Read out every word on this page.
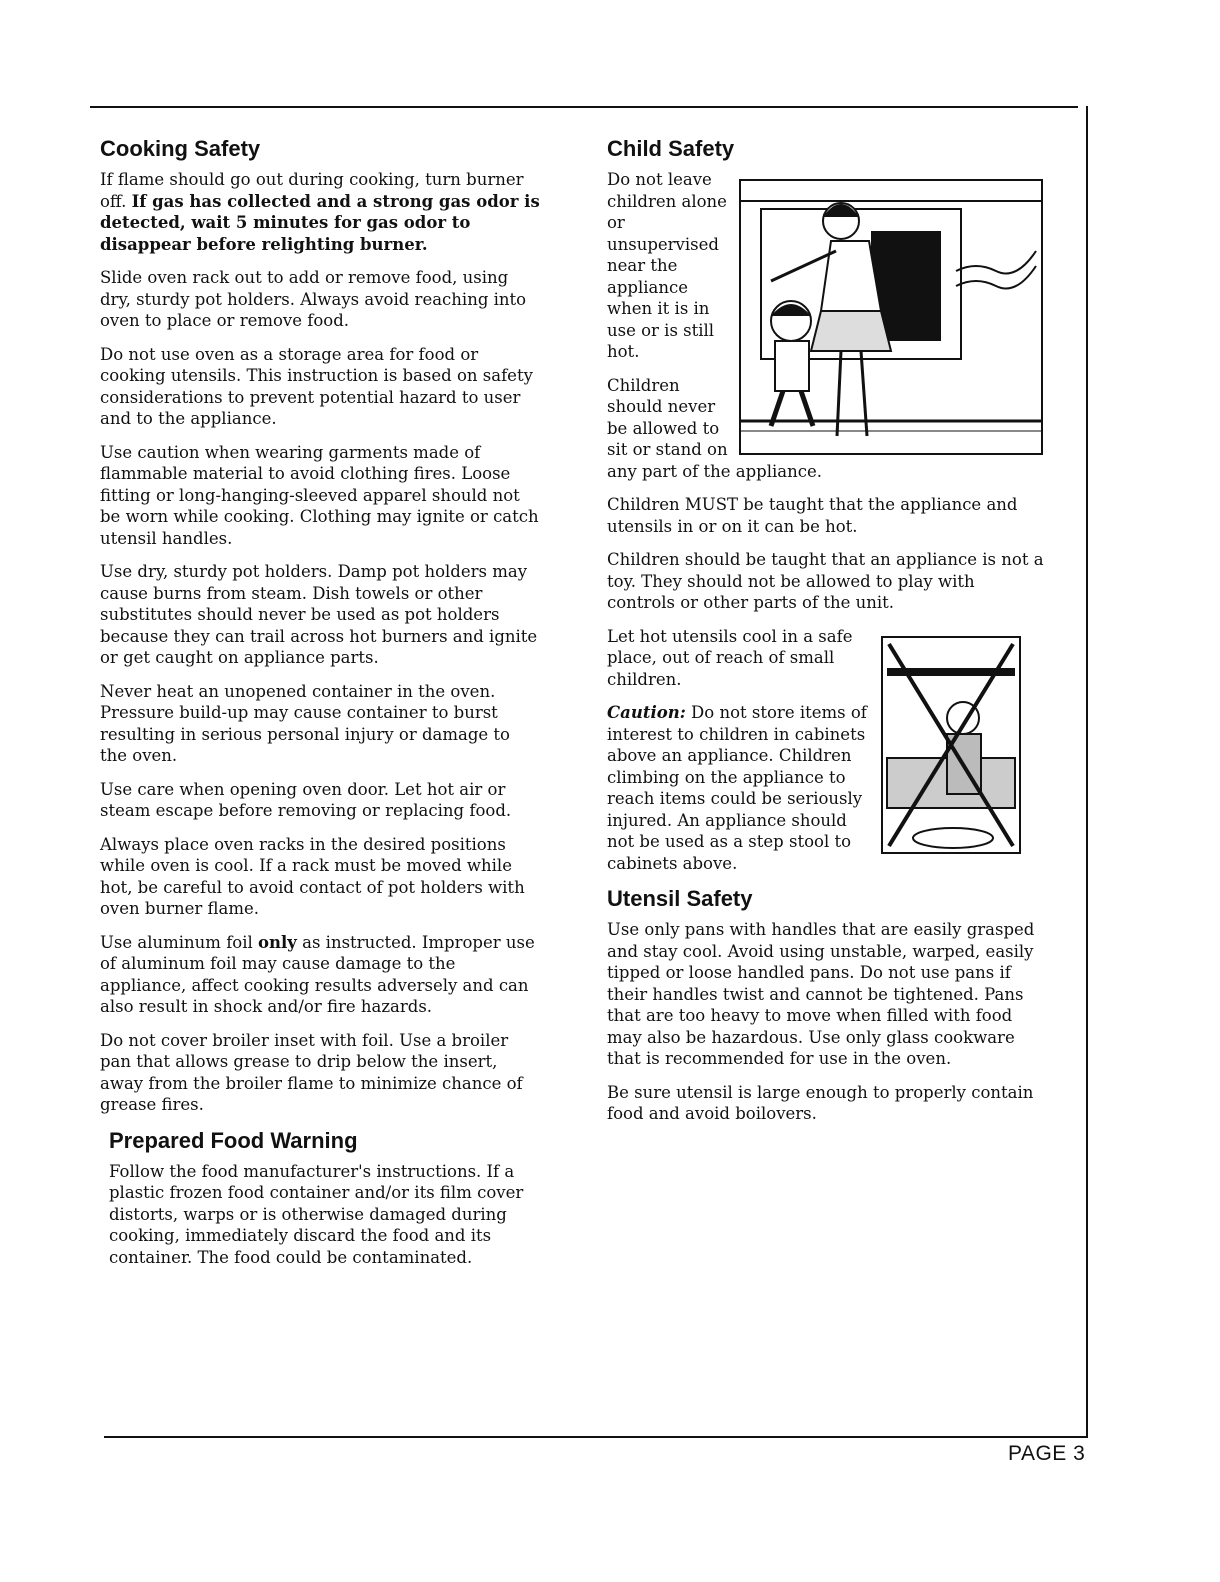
Cooking Safety

If flame should go out during cooking, turn burner off. If gas has collected and a strong gas odor is detected, wait 5 minutes for gas odor to disappear before relighting burner.

Slide oven rack out to add or remove food, using dry, sturdy pot holders. Always avoid reaching into oven to place or remove food.

Do not use oven as a storage area for food or cooking utensils. This instruction is based on safety considerations to prevent potential hazard to user and to the appliance.

Use caution when wearing garments made of flammable material to avoid clothing fires. Loose fitting or long-hanging-sleeved apparel should not be worn while cooking. Clothing may ignite or catch utensil handles.

Use dry, sturdy pot holders. Damp pot holders may cause burns from steam. Dish towels or other substitutes should never be used as pot holders because they can trail across hot burners and ignite or get caught on appliance parts.

Never heat an unopened container in the oven. Pressure build-up may cause container to burst resulting in serious personal injury or damage to the oven.

Use care when opening oven door. Let hot air or steam escape before removing or replacing food.

Always place oven racks in the desired positions while oven is cool. If a rack must be moved while hot, be careful to avoid contact of pot holders with oven burner flame.

Use aluminum foil only as instructed. Improper use of aluminum foil may cause damage to the appliance, affect cooking results adversely and can also result in shock and/or fire hazards.

Do not cover broiler inset with foil. Use a broiler pan that allows grease to drip below the insert, away from the broiler flame to minimize chance of grease fires.

Prepared Food Warning

Follow the food manufacturer's instructions. If a plastic frozen food container and/or its film cover distorts, warps or is otherwise damaged during cooking, immediately discard the food and its container. The food could be contaminated.

Child Safety

Do not leave children alone or unsupervised near the appliance when it is in use or is still hot.

Children should never be allowed to sit or stand on any part of the appliance.

Children MUST be taught that the appliance and utensils in or on it can be hot.

Children should be taught that an appliance is not a toy. They should not be allowed to play with controls or other parts of the unit.

Let hot utensils cool in a safe place, out of reach of small children.

Caution: Do not store items of interest to children in cabinets above an appliance. Children climbing on the appliance to reach items could be seriously injured. An appliance should not be used as a step stool to cabinets above.

Utensil Safety

Use only pans with handles that are easily grasped and stay cool. Avoid using unstable, warped, easily tipped or loose handled pans. Do not use pans if their handles twist and cannot be tightened. Pans that are too heavy to move when filled with food may also be hazardous. Use only glass cookware that is recommended for use in the oven.

Be sure utensil is large enough to properly contain food and avoid boilovers.

PAGE 3
